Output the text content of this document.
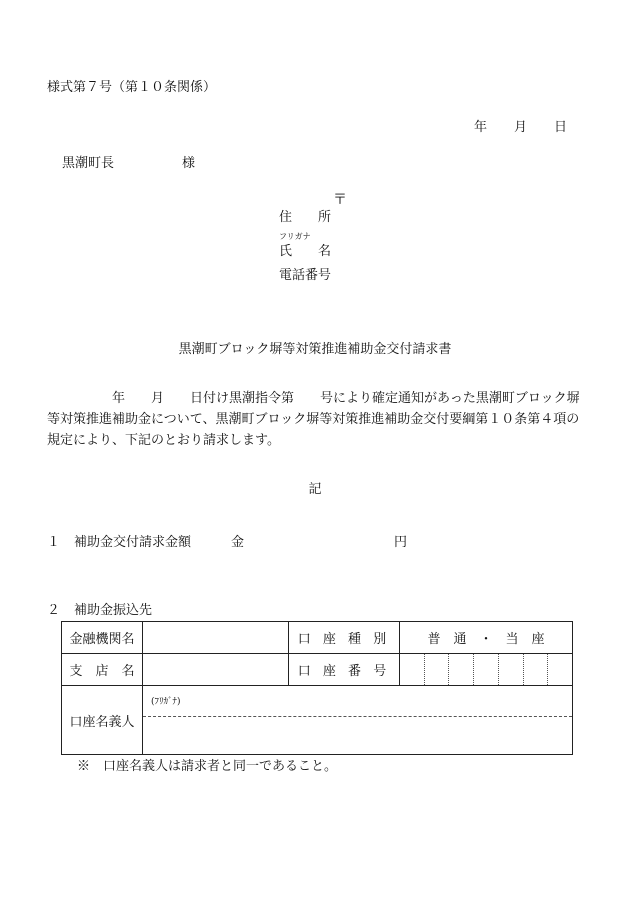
様式第７号（第１０条関係）
年 月 日
黒潮町長	様
〒
住　　所
フリガナ
氏　　名
電話番号
黒潮町ブロック塀等対策推進補助金交付請求書
　　　　　年　　月　　日付け黒潮指令第　　号により確定通知があった黒潮町ブロック塀等対策推進補助金について、黒潮町ブロック塀等対策推進補助金交付要綱第１０条第４項の規定により、下記のとおり請求します。
記
１ 補助金交付請求金額	金	円
２ 補助金振込先
金融機関名		口 座 種 別	普　通　・　当　座
支　店　名		口 座 番 号	

口座名義人	(ﾌﾘｶﾞﾅ)		
※　口座名義人は請求者と同一であること。
